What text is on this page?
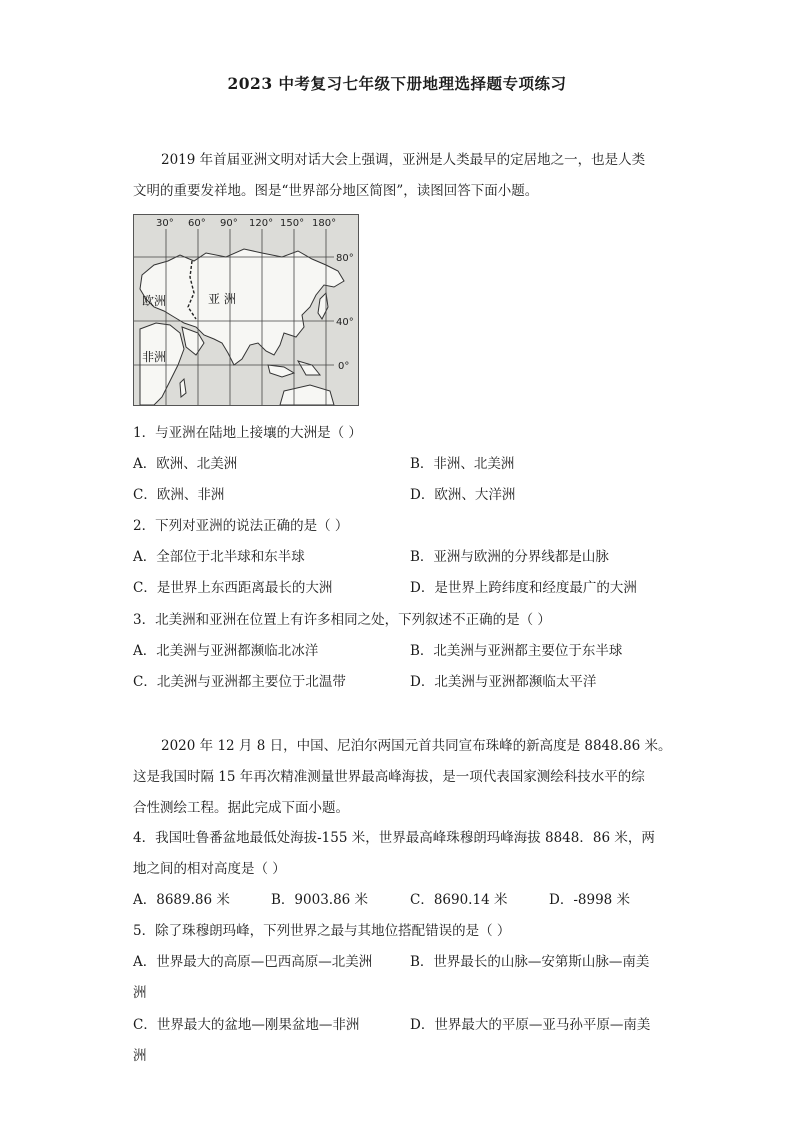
2023 中考复习七年级下册地理选择题专项练习
2019 年首届亚洲文明对话大会上强调，亚洲是人类最早的定居地之一，也是人类
文明的重要发祥地。图是“世界部分地区简图”，读图回答下面小题。
30° 60° 90° 120° 150° 180°
80°
40°
0°
欧洲	亚 洲
非洲
1．与亚洲在陆地上接壤的大洲是（ ）
A．欧洲、北美洲	B．非洲、北美洲
C．欧洲、非洲	D．欧洲、大洋洲
2．下列对亚洲的说法正确的是（ ）
A．全部位于北半球和东半球	B．亚洲与欧洲的分界线都是山脉
C．是世界上东西距离最长的大洲	D．是世界上跨纬度和经度最广的大洲
3．北美洲和亚洲在位置上有许多相同之处，下列叙述不正确的是（ ）
A．北美洲与亚洲都濒临北冰洋	B．北美洲与亚洲都主要位于东半球
C．北美洲与亚洲都主要位于北温带	D．北美洲与亚洲都濒临太平洋
2020 年 12 月 8 日，中国、尼泊尔两国元首共同宣布珠峰的新高度是 8848.86 米。
这是我国时隔 15 年再次精准测量世界最高峰海拔，是一项代表国家测绘科技水平的综
合性测绘工程。据此完成下面小题。
4．我国吐鲁番盆地最低处海拔-155 米，世界最高峰珠穆朗玛峰海拔 8848．86 米，两
地之间的相对高度是（ ）
A．8689.86 米	B．9003.86 米	C．8690.14 米	D．-8998 米
5．除了珠穆朗玛峰，下列世界之最与其地位搭配错误的是（ ）
A．世界最大的高原—巴西高原—北美洲	B．世界最长的山脉—安第斯山脉—南美
洲
C．世界最大的盆地—刚果盆地—非洲	D．世界最大的平原—亚马孙平原—南美
洲
